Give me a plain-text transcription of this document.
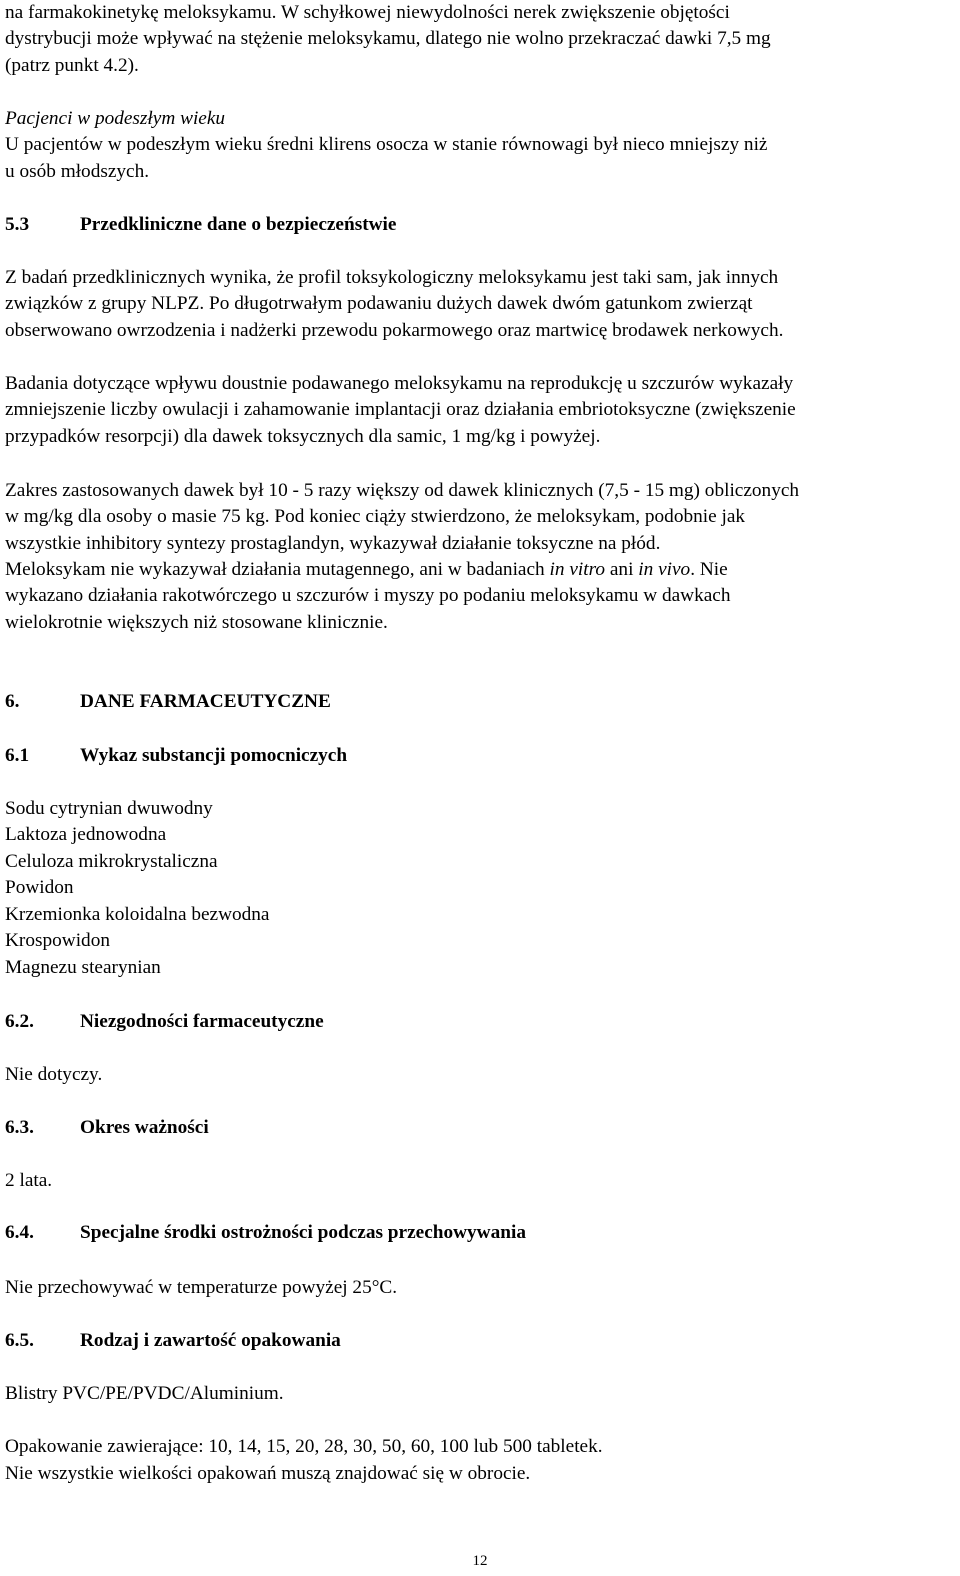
na farmakokinetykę meloksykamu. W schyłkowej niewydolności nerek zwiększenie objętości
dystrybucji może wpływać na stężenie meloksykamu, dlatego nie wolno przekraczać dawki 7,5 mg
(patrz punkt 4.2).
Pacjenci w podeszłym wieku
U pacjentów w podeszłym wieku średni klirens osocza w stanie równowagi był nieco mniejszy niż
u osób młodszych.
5.3	Przedkliniczne dane o bezpieczeństwie
Z badań przedklinicznych wynika, że profil toksykologiczny meloksykamu jest taki sam, jak innych
związków z grupy NLPZ. Po długotrwałym podawaniu dużych dawek dwóm gatunkom zwierząt
obserwowano owrzodzenia i nadżerki przewodu pokarmowego oraz martwicę brodawek nerkowych.
Badania dotyczące wpływu doustnie podawanego meloksykamu na reprodukcję u szczurów wykazały
zmniejszenie liczby owulacji i zahamowanie implantacji oraz działania embriotoksyczne (zwiększenie
przypadków resorpcji) dla dawek toksycznych dla samic, 1 mg/kg i powyżej.
Zakres zastosowanych dawek był 10 - 5 razy większy od dawek klinicznych (7,5 - 15 mg) obliczonych
w mg/kg dla osoby o masie 75 kg. Pod koniec ciąży stwierdzono, że meloksykam, podobnie jak
wszystkie inhibitory syntezy prostaglandyn, wykazywał działanie toksyczne na płód.
Meloksykam nie wykazywał działania mutagennego, ani w badaniach in vitro ani in vivo. Nie
wykazano działania rakotwórczego u szczurów i myszy po podaniu meloksykamu w dawkach
wielokrotnie większych niż stosowane klinicznie.
6.	DANE FARMACEUTYCZNE
6.1	Wykaz substancji pomocniczych
Sodu cytrynian dwuwodny
Laktoza jednowodna
Celuloza mikrokrystaliczna
Powidon
Krzemionka koloidalna bezwodna
Krospowidon
Magnezu stearynian
6.2. Niezgodności farmaceutyczne
Nie dotyczy.
6.3. Okres ważności
2 lata.
6.4. Specjalne środki ostrożności podczas przechowywania
Nie przechowywać w temperaturze powyżej 25°C.
6.5. Rodzaj i zawartość opakowania
Blistry PVC/PE/PVDC/Aluminium.
Opakowanie zawierające: 10, 14, 15, 20, 28, 30, 50, 60, 100 lub 500 tabletek.
Nie wszystkie wielkości opakowań muszą znajdować się w obrocie.
12
